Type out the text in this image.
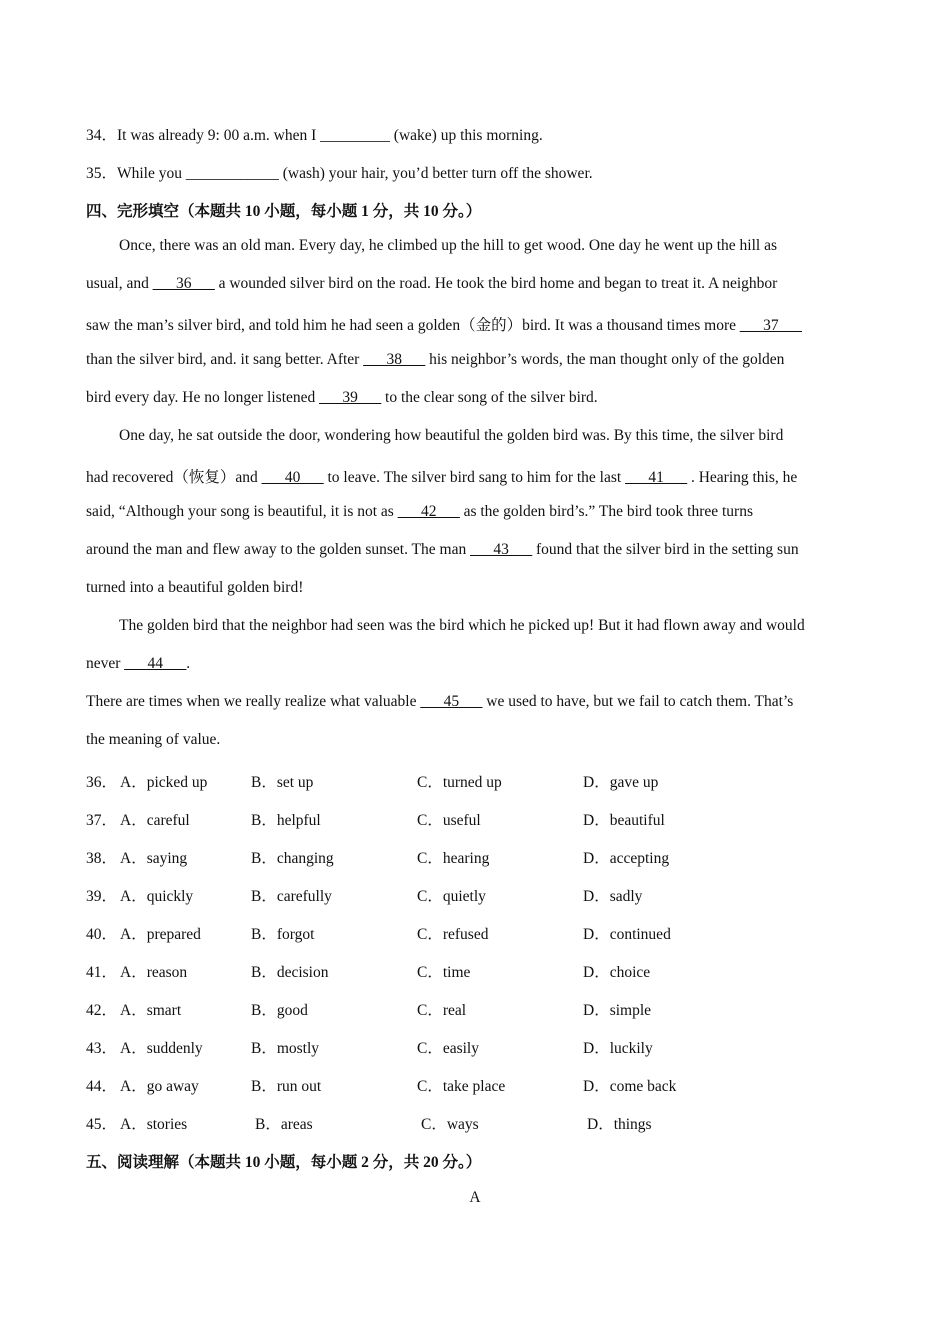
34．It was already 9: 00 a.m. when I _________ (wake) up this morning.
35．While you ____________ (wash) your hair, you’d better turn off the shower.
四、完形填空（本题共 10 小题，每小题 1 分，共 10 分。）
Once, there was an old man. Every day, he climbed up the hill to get wood. One day he went up the hill as
usual, and ___36___ a wounded silver bird on the road. He took the bird home and began to treat it. A neighbor
saw the man’s silver bird, and told him he had seen a golden（金的）bird. It was a thousand times more ___37___
than the silver bird, and. it sang better. After ___38___ his neighbor’s words, the man thought only of the golden
bird every day. He no longer listened ___39___ to the clear song of the silver bird.
One day, he sat outside the door, wondering how beautiful the golden bird was. By this time, the silver bird
had recovered（恢复）and ___40___ to leave. The silver bird sang to him for the last ___41___ . Hearing this, he
said, “Although your song is beautiful, it is not as ___42___ as the golden bird’s.” The bird took three turns
around the man and flew away to the golden sunset. The man ___43___ found that the silver bird in the setting sun
turned into a beautiful golden bird!
The golden bird that the neighbor had seen was the bird which he picked up! But it had flown away and would
never ___44___.
There are times when we really realize what valuable ___45___ we used to have, but we fail to catch them. That’s
the meaning of value.
36． A．picked up	B．set up	C．turned up	D．gave up
37． A．careful	B．helpful	C．useful	D．beautiful
38． A．saying	B．changing	C．hearing	D．accepting
39． A．quickly	B．carefully	C．quietly	D．sadly
40． A．prepared	B．forgot	C．refused	D．continued
41． A．reason	B．decision	C．time	D．choice
42． A．smart	B．good	C．real	D．simple
43． A．suddenly	B．mostly	C．easily	D．luckily
44． A．go away	B．run out	C．take place	D．come back
45． A．stories	B．areas	C．ways	D．things
五、阅读理解（本题共 10 小题，每小题 2 分，共 20 分。）
A
